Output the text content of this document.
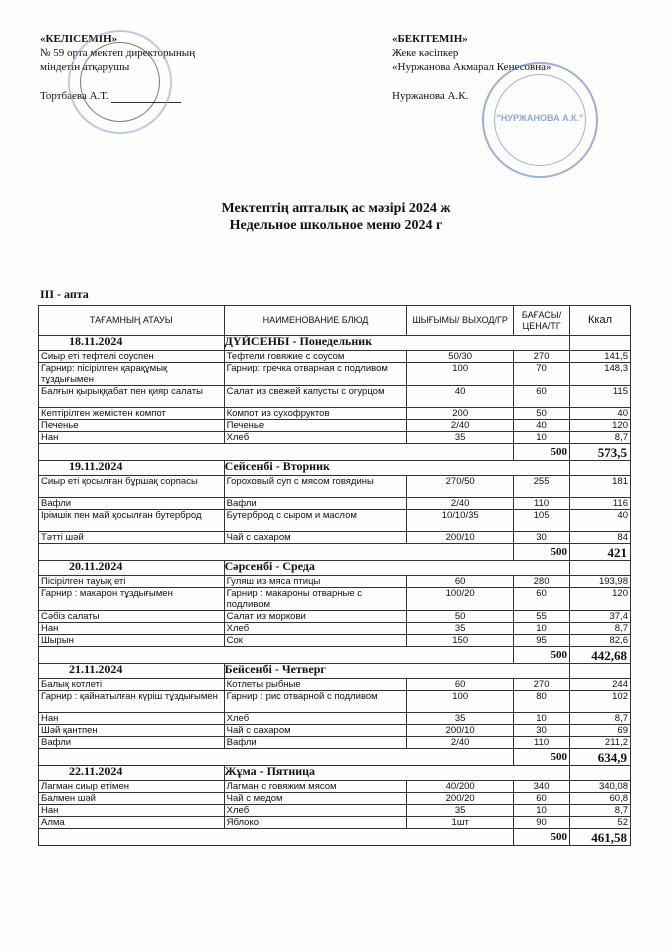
«КЕЛІСЕМІН»
№ 59 орта мектеп директорының
міндетін атқарушы
Тортбаева А.Т.
«БЕКІТЕМІН»
Жеке кәсіпкер
«Нуржанова Акмарал Кенесовна»
Нуржанова А.К.
"НУРЖАНОВА А.К."
Мектептің апталық ас мәзірі 2024 ж
Недельное школьное меню 2024 г
III - апта
ТАҒАМНЫҢ АТАУЫ	НАИМЕНОВАНИЕ БЛЮД	ШЫҒЫМЫ/ ВЫХОД/ГР	БАҒАСЫ/ ЦЕНА/ТГ	Ккал
18.11.2024	ДҮЙСЕНБІ - Понедельник			
Сиыр еті тефтелі соуспен	Тефтели говяжие с соусом	50/30	270	141,5
Гарнир: пісірілген қарақұмық тұздығымен	Гарнир: гречка отварная с подливом	100	70	148,3
Балғын қырыққабат пен қияр салаты	Салат из свежей капусты с огурцом	40	60	115
Кептірілген жемістен компот	Компот из сухофруктов	200	50	40
Печенье	Печенье	2/40	40	120
Нан	Хлеб	35	10	8,7
			500	573,5
19.11.2024	Сейсенбі - Вторник			
Сиыр еті қосылған бұршақ сорпасы	Гороховый суп с мясом говядины	270/50	255	181
Вафли	Вафли	2/40	110	116
Ірімшік пен май қосылған бутерброд	Бутерброд с сыром и маслом	10/10/35	105	40
Тәтті шәй	Чай с сахаром	200/10	30	84
			500	421
20.11.2024	Сәрсенбі - Среда			
Пісірілген тауық етi	Гуляш из мяса птицы	60	280	193,98
Гарнир : макарон тұздығымен	Гарнир : макароны отварные с подливом	100/20	60	120
Сәбіз салаты	Салат из моркови	50	55	37,4
Нан	Хлеб	35	10	8,7
Шырын	Сок	150	95	82,6
			500	442,68
21.11.2024	Бейсенбі - Четверг			
Балық котлеті	Котлеты рыбные	60	270	244
Гарнир : қайнатылған күріш тұздығымен	Гарнир : рис отварной с подливом	100	80	102
Нан	Хлеб	35	10	8,7
Шәй қантпен	Чай с сахаром	200/10	30	69
Вафли	Вафли	2/40	110	211,2
			500	634,9
22.11.2024	Жұма - Пятница			
Лагман сиыр етімен	Лагман с говяжим мясом	40/200	340	340,08
Балмен шәй	Чай с медом	200/20	60	60,8
Нан	Хлеб	35	10	8,7
Алма	Яблоко	1шт	90	52
			500	461,58
